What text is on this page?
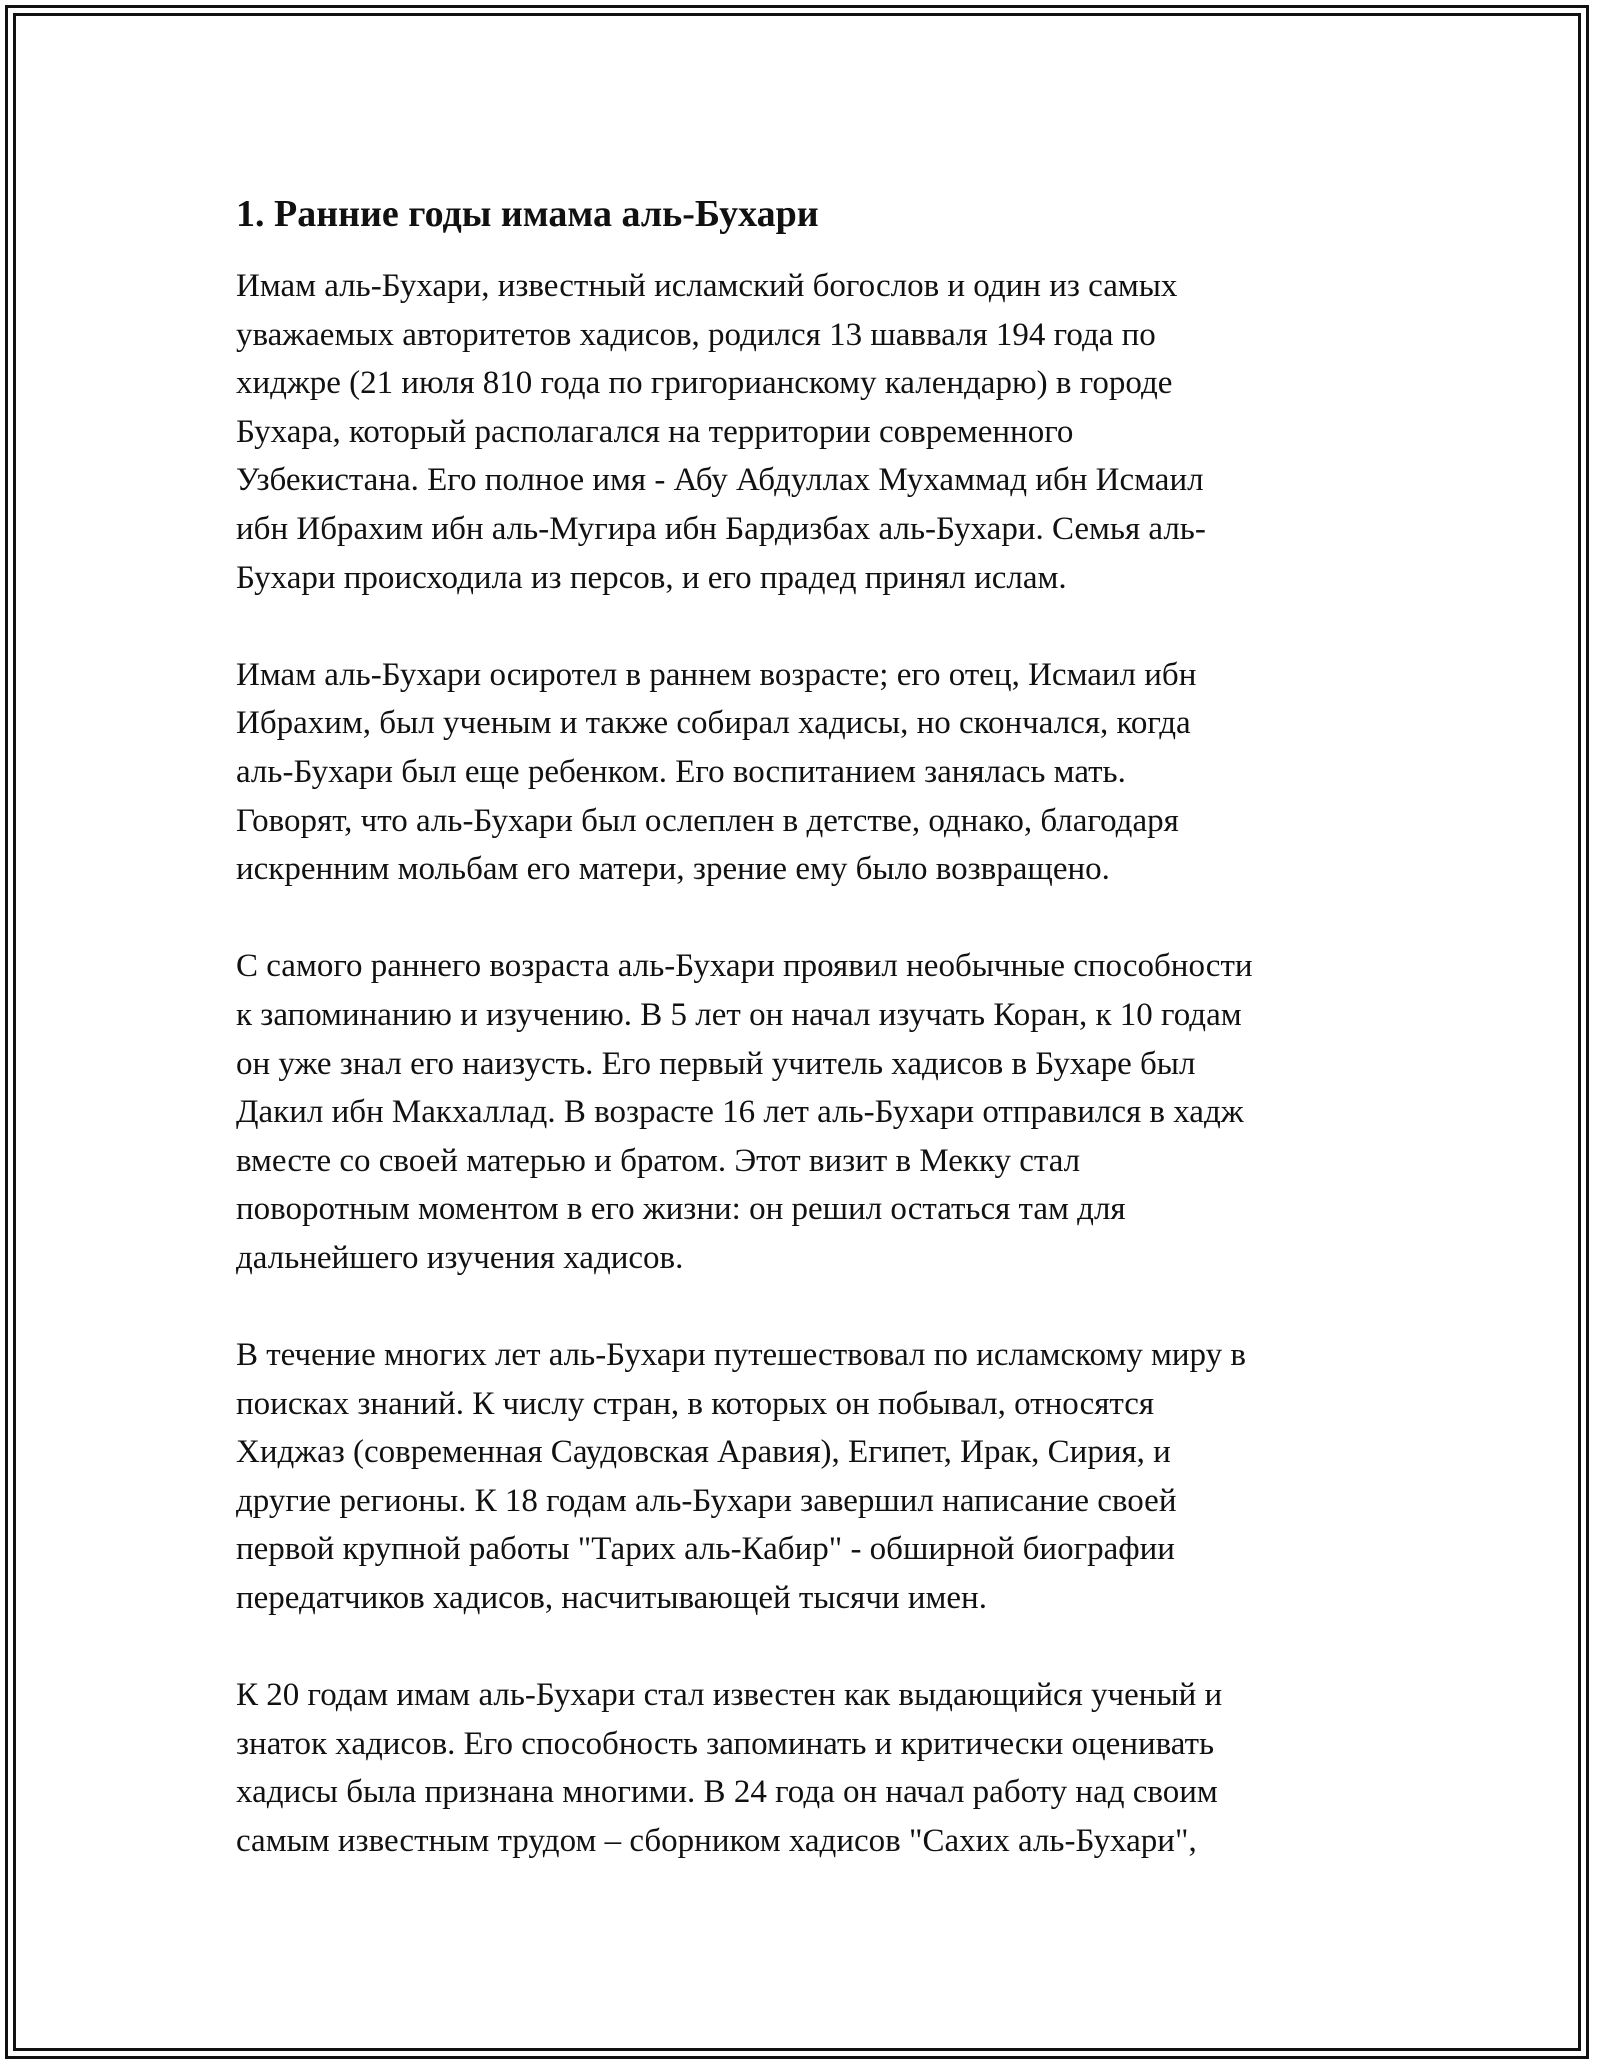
1. Ранние годы имама аль-Бухари

Имам аль-Бухари, известный исламский богослов и один из самых
уважаемых авторитетов хадисов, родился 13 шавваля 194 года по
хиджре (21 июля 810 года по григорианскому календарю) в городе
Бухара, который располагался на территории современного
Узбекистана. Его полное имя - Абу Абдуллах Мухаммад ибн Исмаил
ибн Ибрахим ибн аль-Мугира ибн Бардизбах аль-Бухари. Семья аль-
Бухари происходила из персов, и его прадед принял ислам.

Имам аль-Бухари осиротел в раннем возрасте; его отец, Исмаил ибн
Ибрахим, был ученым и также собирал хадисы, но скончался, когда
аль-Бухари был еще ребенком. Его воспитанием занялась мать.
Говорят, что аль-Бухари был ослеплен в детстве, однако, благодаря
искренним мольбам его матери, зрение ему было возвращено.

С самого раннего возраста аль-Бухари проявил необычные способности
к запоминанию и изучению. В 5 лет он начал изучать Коран, к 10 годам
он уже знал его наизусть. Его первый учитель хадисов в Бухаре был
Дакил ибн Макхаллад. В возрасте 16 лет аль-Бухари отправился в хадж
вместе со своей матерью и братом. Этот визит в Мекку стал
поворотным моментом в его жизни: он решил остаться там для
дальнейшего изучения хадисов.

В течение многих лет аль-Бухари путешествовал по исламскому миру в
поисках знаний. К числу стран, в которых он побывал, относятся
Хиджаз (современная Саудовская Аравия), Египет, Ирак, Сирия, и
другие регионы. К 18 годам аль-Бухари завершил написание своей
первой крупной работы "Тарих аль-Кабир" - обширной биографии
передатчиков хадисов, насчитывающей тысячи имен.

К 20 годам имам аль-Бухари стал известен как выдающийся ученый и
знаток хадисов. Его способность запоминать и критически оценивать
хадисы была признана многими. В 24 года он начал работу над своим
самым известным трудом – сборником хадисов "Сахих аль-Бухари",
